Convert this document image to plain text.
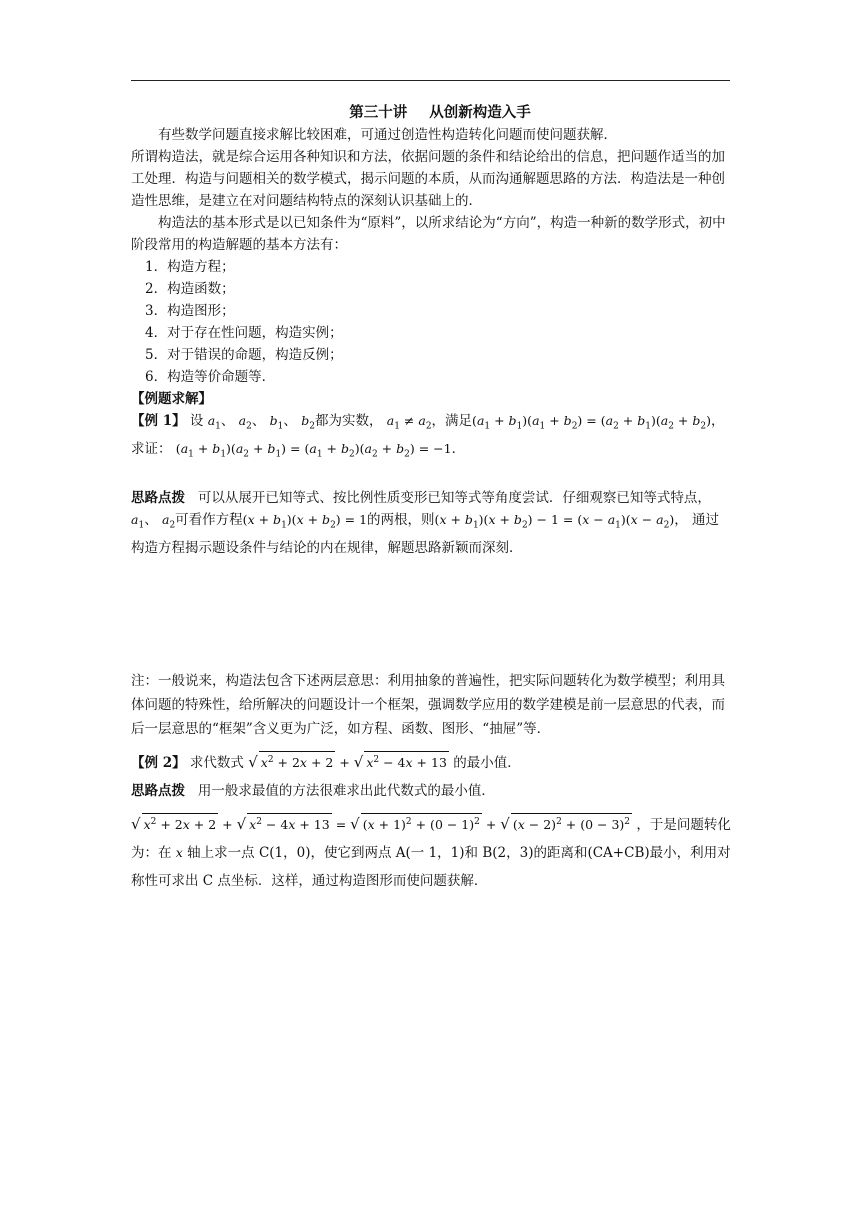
第三十讲 从创新构造入手

有些数学问题直接求解比较困难，可通过创造性构造转化问题而使问题获解．

所谓构造法，就是综合运用各种知识和方法，依据问题的条件和结论给出的信息，把问题作适当的加工处理．构造与问题相关的数学模式，揭示问题的本质，从而沟通解题思路的方法．构造法是一种创造性思维，是建立在对问题结构特点的深刻认识基础上的．

构造法的基本形式是以已知条件为“原料”，以所求结论为“方向”，构造一种新的数学形式，初中阶段常用的构造解题的基本方法有：

1．构造方程；

2．构造函数；

3．构造图形；

4．对于存在性问题，构造实例；

5．对于错误的命题，构造反例；

6．构造等价命题等．

【例题求解】

【例 1】 设 $a_1$、 $a_2$、 $b_1$、 $b_2$都为实数， $a_1 \ne a_2$，满足$(a_1 + b_1)(a_1 + b_2) = (a_2 + b_1)(a_2 + b_2)$，

求证： $(a_1 + b_1)(a_2 + b_1) = (a_1 + b_2)(a_2 + b_2) = -1$．

思路点拨 可以从展开已知等式、按比例性质变形已知等式等角度尝试．仔细观察已知等式特点， $a_1$、 $a_2$可看作方程$(x + b_1)(x + b_2) = 1$的两根，则$(x + b_1)(x + b_2) - 1 = (x - a_1)(x - a_2)$， 通过构造方程揭示题设条件与结论的内在规律，解题思路新颖而深刻．

注：一般说来，构造法包含下述两层意思：利用抽象的普遍性，把实际问题转化为数学模型；利用具体问题的特殊性，给所解决的问题设计一个框架，强调数学应用的数学建模是前一层意思的代表，而后一层意思的“框架”含义更为广泛，如方程、函数、图形、“抽屉”等．

【例 2】 求代数式 √ $x^2 + 2x + 2$ + √ $x^2 - 4x + 13$ 的最小值．

思路点拨 用一般求最值的方法很难求出此代数式的最小值．

√ $x^2 + 2x + 2$ + √ $x^2 - 4x + 13$ = √ $(x + 1)^2 + (0 - 1)^2$ + √ $(x - 2)^2 + (0 - 3)^2$ ，于是问题转化为：在 x 轴上求一点 C(1，0)，使它到两点 A(一 1，1)和 B(2，3)的距离和(CA+CB)最小，利用对称性可求出 C 点坐标．这样，通过构造图形而使问题获解．
